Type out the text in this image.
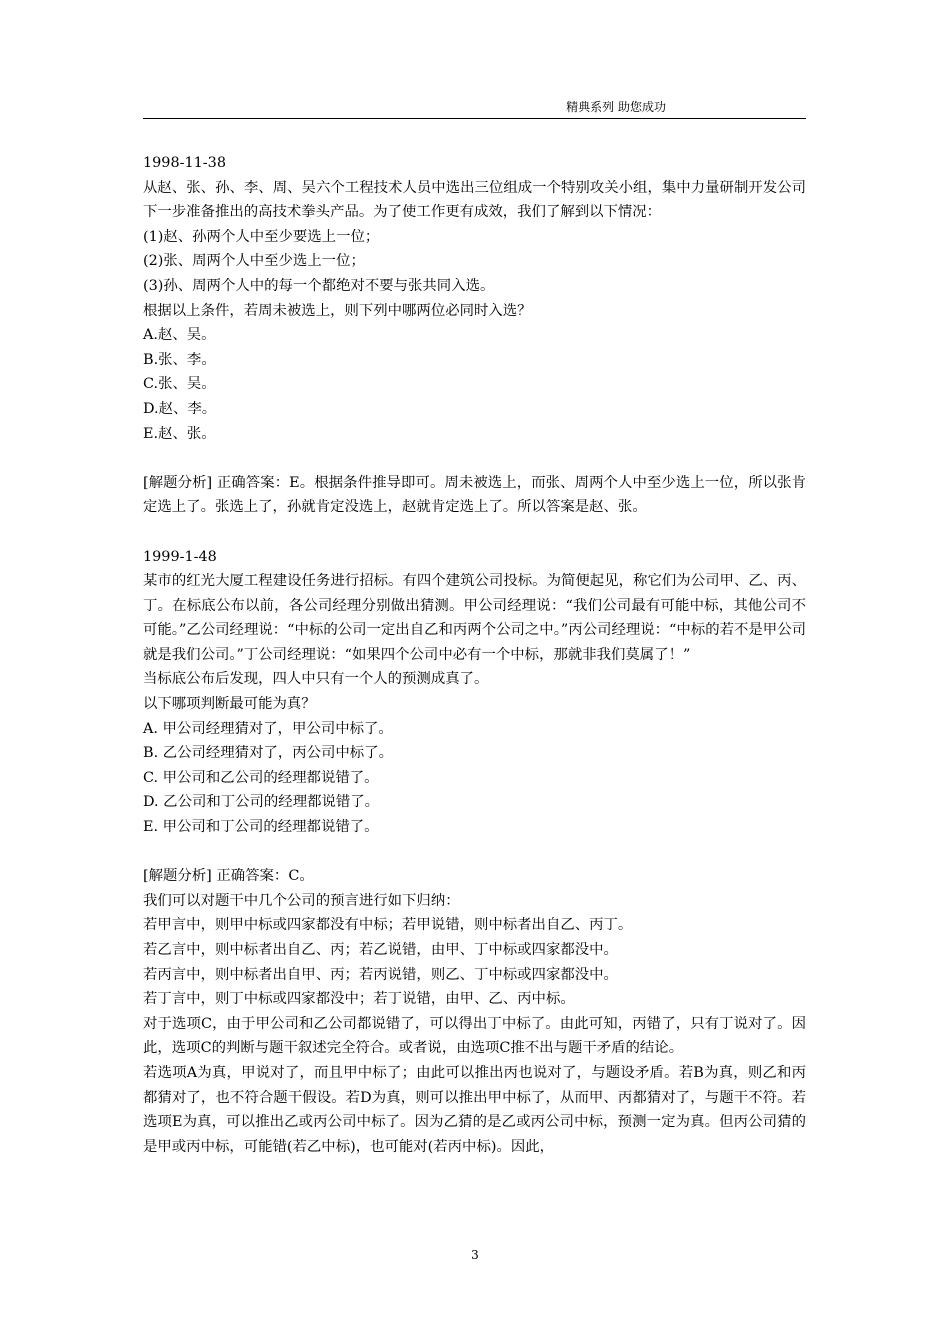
精典系列 助您成功

1998-11-38

从赵、张、孙、李、周、吴六个工程技术人员中选出三位组成一个特别攻关小组，集中力量研制开发公司下一步准备推出的高技术拳头产品。为了使工作更有成效，我们了解到以下情况：

(1)赵、孙两个人中至少要选上一位；

(2)张、周两个人中至少选上一位；

(3)孙、周两个人中的每一个都绝对不要与张共同入选。

根据以上条件，若周未被选上，则下列中哪两位必同时入选？

A.赵、吴。

B.张、李。

C.张、吴。

D.赵、李。

E.赵、张。

[解题分析] 正确答案：E。根据条件推导即可。周未被选上，而张、周两个人中至少选上一位，所以张肯定选上了。张选上了，孙就肯定没选上，赵就肯定选上了。所以答案是赵、张。

1999-1-48

某市的红光大厦工程建设任务进行招标。有四个建筑公司投标。为简便起见，称它们为公司甲、乙、丙、丁。在标底公布以前，各公司经理分别做出猜测。甲公司经理说：“我们公司最有可能中标，其他公司不可能。”乙公司经理说：“中标的公司一定出自乙和丙两个公司之中。”丙公司经理说：“中标的若不是甲公司就是我们公司。”丁公司经理说：“如果四个公司中必有一个中标，那就非我们莫属了！”

当标底公布后发现，四人中只有一个人的预测成真了。

以下哪项判断最可能为真？

A. 甲公司经理猜对了，甲公司中标了。

B. 乙公司经理猜对了，丙公司中标了。

C. 甲公司和乙公司的经理都说错了。

D. 乙公司和丁公司的经理都说错了。

E. 甲公司和丁公司的经理都说错了。

[解题分析] 正确答案：C。

我们可以对题干中几个公司的预言进行如下归纳：

若甲言中，则甲中标或四家都没有中标；若甲说错，则中标者出自乙、丙丁。

若乙言中，则中标者出自乙、丙；若乙说错，由甲、丁中标或四家都没中。

若丙言中，则中标者出自甲、丙；若丙说错，则乙、丁中标或四家都没中。

若丁言中，则丁中标或四家都没中；若丁说错，由甲、乙、丙中标。

对于选项C，由于甲公司和乙公司都说错了，可以得出丁中标了。由此可知，丙错了，只有丁说对了。因此，选项C的判断与题干叙述完全符合。或者说，由选项C推不出与题干矛盾的结论。

若选项A为真，甲说对了，而且甲中标了；由此可以推出丙也说对了，与题设矛盾。若B为真，则乙和丙都猜对了，也不符合题干假设。若D为真，则可以推出甲中标了，从而甲、丙都猜对了，与题干不符。若选项E为真，可以推出乙或丙公司中标了。因为乙猜的是乙或丙公司中标，预测一定为真。但丙公司猜的是甲或丙中标，可能错(若乙中标)，也可能对(若丙中标)。因此，

3
